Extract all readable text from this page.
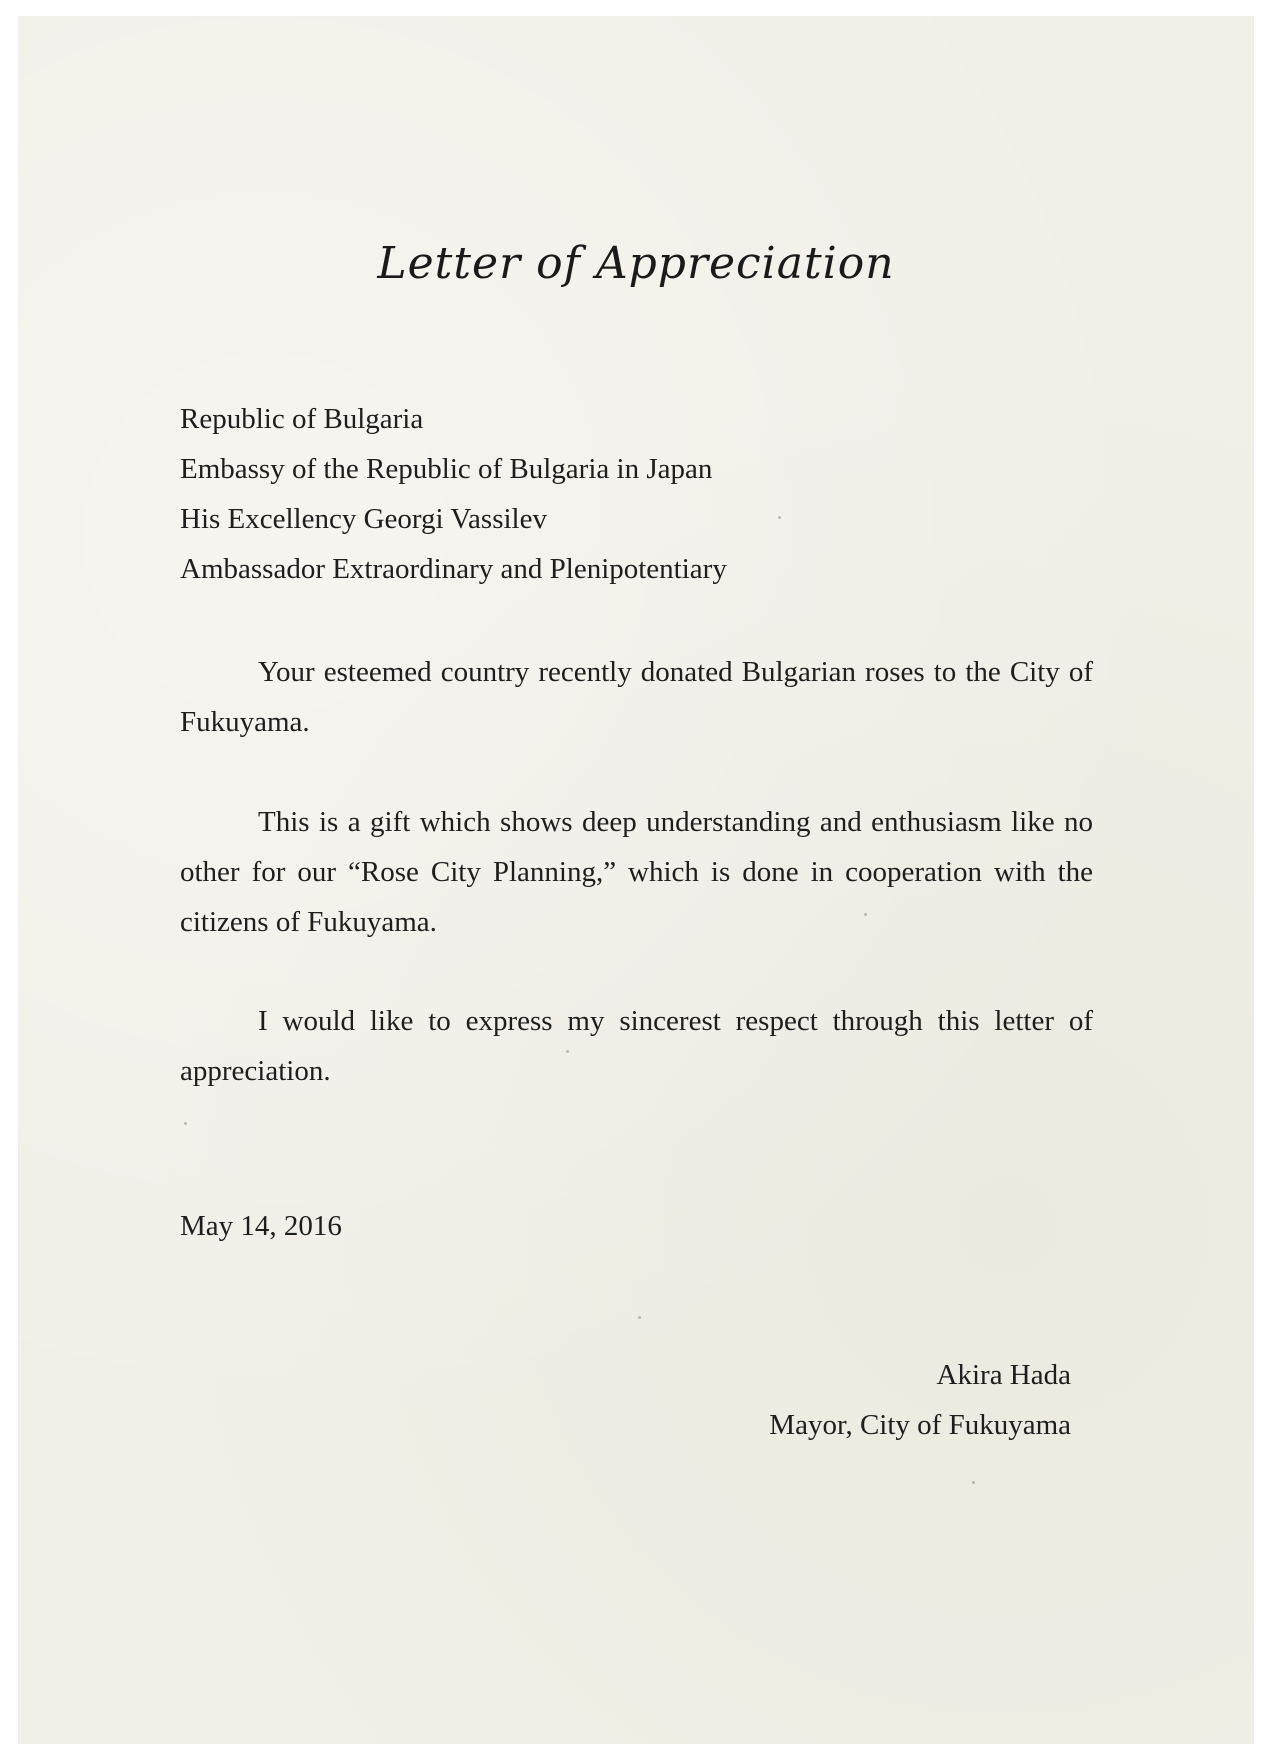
Letter of Appreciation
Republic of Bulgaria
Embassy of the Republic of Bulgaria in Japan
His Excellency Georgi Vassilev
Ambassador Extraordinary and Plenipotentiary

Your esteemed country recently donated Bulgarian roses to the City of Fukuyama.

This is a gift which shows deep understanding and enthusiasm like no other for our “Rose City Planning,” which is done in cooperation with the citizens of Fukuyama.

I would like to express my sincerest respect through this letter of appreciation.

May 14, 2016
Akira Hada
Mayor, City of Fukuyama
